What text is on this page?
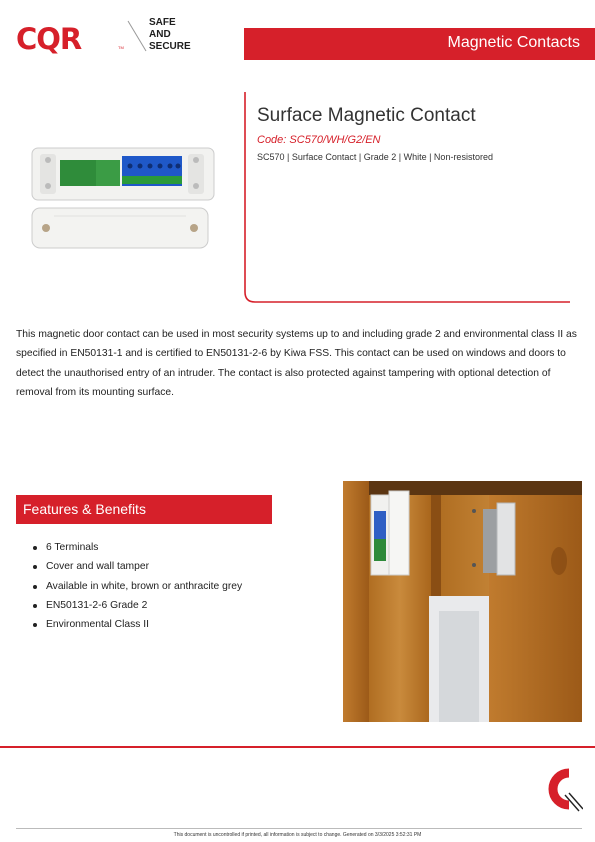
CQR	TM
SAFE
AND
SECURE	Magnetic Contacts
Surface Magnetic Contact
Code: SC570/WH/G2/EN
SC570 | Surface Contact | Grade 2 | White | Non-resistored

This magnetic door contact can be used in most security systems up to and including grade 2 and environmental class II as specified in EN50131-1 and is certified to EN50131-2-6 by Kiwa FSS. This contact can be used on windows and doors to detect the unauthorised entry of an intruder. The contact is also protected against tampering with optional detection of removal from its mounting surface.

Features & Benefits
6 Terminals
Cover and wall tamper
Available in white, brown or anthracite grey
EN50131-2-6 Grade 2
Environmental Class II
This document is uncontrolled if printed, all information is subject to change. Generated on 3/3/2025 3:52:31 PM
